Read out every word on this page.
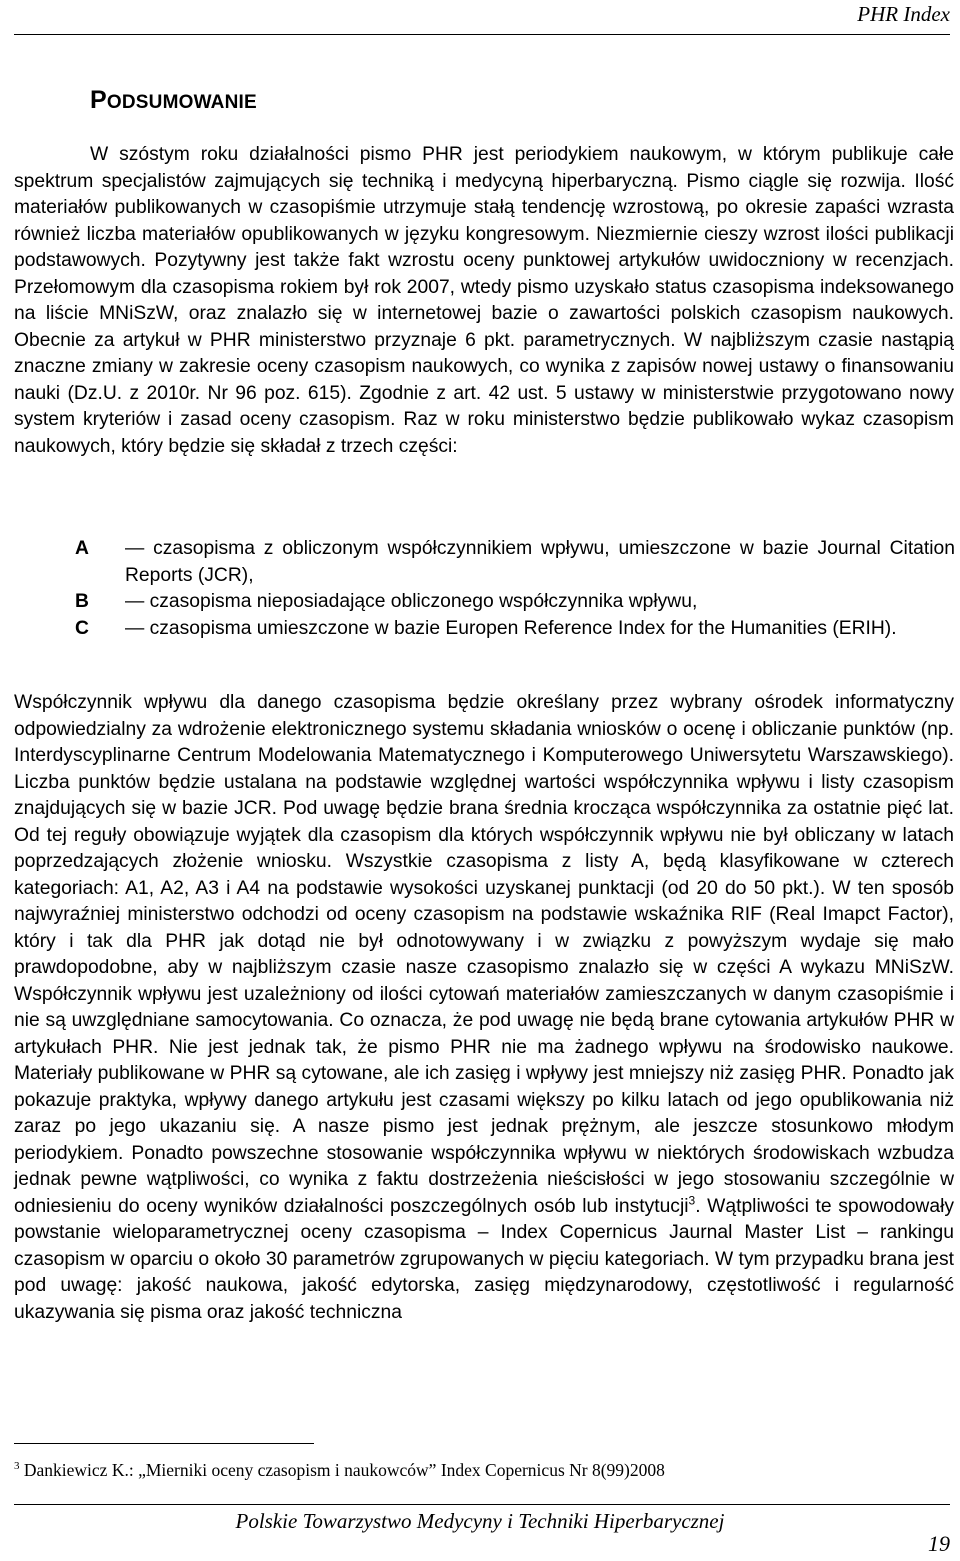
PHR Index
PODSUMOWANIE
W szóstym roku działalności pismo PHR jest periodykiem naukowym, w którym publikuje całe spektrum specjalistów zajmujących się techniką i medycyną hiperbaryczną. Pismo ciągle się rozwija. Ilość materiałów publikowanych w czasopiśmie utrzymuje stałą tendencję wzrostową, po okresie zapaści wzrasta również liczba materiałów opublikowanych w języku kongresowym. Niezmiernie cieszy wzrost ilości publikacji podstawowych. Pozytywny jest także fakt wzrostu oceny punktowej artykułów uwidoczniony w recenzjach. Przełomowym dla czasopisma rokiem był rok 2007, wtedy pismo uzyskało status czasopisma indeksowanego na liście MNiSzW, oraz znalazło się w internetowej bazie o zawartości polskich czasopism naukowych. Obecnie za artykuł w PHR ministerstwo przyznaje 6 pkt. parametrycznych. W najbliższym czasie nastąpią znaczne zmiany w zakresie oceny czasopism naukowych, co wynika z zapisów nowej ustawy o finansowaniu nauki (Dz.U. z 2010r. Nr 96 poz. 615). Zgodnie z art. 42 ust. 5 ustawy w ministerstwie przygotowano nowy system kryteriów i zasad oceny czasopism. Raz w roku ministerstwo będzie publikowało wykaz czasopism naukowych, który będzie się składał z trzech części:
A — czasopisma z obliczonym współczynnikiem wpływu, umieszczone w bazie Journal Citation Reports (JCR),
B — czasopisma nieposiadające obliczonego współczynnika wpływu,
C — czasopisma umieszczone w bazie Europen Reference Index for the Humanities (ERIH).
Współczynnik wpływu dla danego czasopisma będzie określany przez wybrany ośrodek informatyczny odpowiedzialny za wdrożenie elektronicznego systemu składania wniosków o ocenę i obliczanie punktów (np. Interdyscyplinarne Centrum Modelowania Matematycznego i Komputerowego Uniwersytetu Warszawskiego). Liczba punktów będzie ustalana na podstawie względnej wartości współczynnika wpływu i listy czasopism znajdujących się w bazie JCR. Pod uwagę będzie brana średnia krocząca współczynnika za ostatnie pięć lat. Od tej reguły obowiązuje wyjątek dla czasopism dla których współczynnik wpływu nie był obliczany w latach poprzedzających złożenie wniosku. Wszystkie czasopisma z listy A, będą klasyfikowane w czterech kategoriach: A1, A2, A3 i A4 na podstawie wysokości uzyskanej punktacji (od 20 do 50 pkt.). W ten sposób najwyraźniej ministerstwo odchodzi od oceny czasopism na podstawie wskaźnika RIF (Real Imapct Factor), który i tak dla PHR jak dotąd nie był odnotowywany i w związku z powyższym wydaje się mało prawdopodobne, aby w najbliższym czasie nasze czasopismo znalazło się w części A wykazu MNiSzW. Współczynnik wpływu jest uzależniony od ilości cytowań materiałów zamieszczanych w danym czasopiśmie i nie są uwzględniane samocytowania. Co oznacza, że pod uwagę nie będą brane cytowania artykułów PHR w artykułach PHR. Nie jest jednak tak, że pismo PHR nie ma żadnego wpływu na środowisko naukowe. Materiały publikowane w PHR są cytowane, ale ich zasięg i wpływy jest mniejszy niż zasięg PHR. Ponadto jak pokazuje praktyka, wpływy danego artykułu jest czasami większy po kilku latach od jego opublikowania niż zaraz po jego ukazaniu się. A nasze pismo jest jednak prężnym, ale jeszcze stosunkowo młodym periodykiem. Ponadto powszechne stosowanie współczynnika wpływu w niektórych środowiskach wzbudza jednak pewne wątpliwości, co wynika z faktu dostrzeżenia nieścisłości w jego stosowaniu szczególnie w odniesieniu do oceny wyników działalności poszczególnych osób lub instytucji$^3$. Wątpliwości te spowodowały powstanie wieloparametrycznej oceny czasopisma – Index Copernicus Jaurnal Master List – rankingu czasopism w oparciu o około 30 parametrów zgrupowanych w pięciu kategoriach. W tym przypadku brana jest pod uwagę: jakość naukowa, jakość edytorska, zasięg międzynarodowy, częstotliwość i regularność ukazywania się pisma oraz jakość techniczna
$^3$ Dankiewicz K.: „Mierniki oceny czasopism i naukowców” Index Copernicus Nr 8(99)2008
Polskie Towarzystwo Medycyny i Techniki Hiperbarycznej
19
